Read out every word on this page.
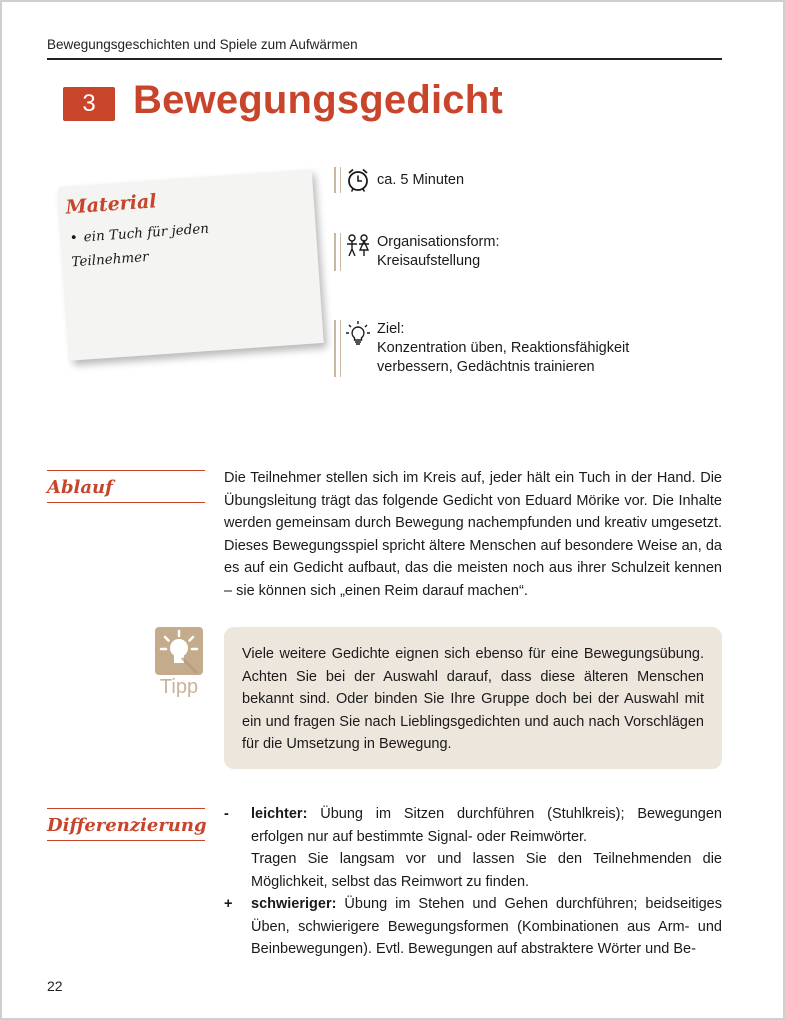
Bewegungsgeschichten und Spiele zum Aufwärmen
3 Bewegungsgedicht
Material
• ein Tuch für jeden Teilnehmer
ca. 5 Minuten
Organisationsform:
Kreisaufstellung
Ziel:
Konzentration üben, Reaktionsfähigkeit verbessern, Gedächtnis trainieren
Ablauf	Die Teilnehmer stellen sich im Kreis auf, jeder hält ein Tuch in der Hand. Die Übungsleitung trägt das folgende Gedicht von Eduard Mörike vor. Die Inhalte werden gemeinsam durch Bewegung nachempfunden und kreativ umgesetzt. Dieses Bewegungsspiel spricht ältere Menschen auf besondere Weise an, da es auf ein Gedicht aufbaut, das die meisten noch aus ihrer Schulzeit kennen – sie können sich „einen Reim darauf machen“.
Tipp
Viele weitere Gedichte eignen sich ebenso für eine Bewegungsübung. Achten Sie bei der Auswahl darauf, dass diese älteren Menschen bekannt sind. Oder binden Sie Ihre Gruppe doch bei der Auswahl mit ein und fragen Sie nach Lieblingsgedichten und auch nach Vorschlägen für die Umsetzung in Bewegung.
Differenzierung
-	leichter: Übung im Sitzen durchführen (Stuhlkreis); Bewegungen erfolgen nur auf bestimmte Signal- oder Reimwörter.
Tragen Sie langsam vor und lassen Sie den Teilnehmenden die Möglichkeit, selbst das Reimwort zu finden.
+	schwieriger: Übung im Stehen und Gehen durchführen; beidseitiges Üben, schwierigere Bewegungsformen (Kombinationen aus Arm- und Beinbewegungen). Evtl. Bewegungen auf abstraktere Wörter und Be-
22
